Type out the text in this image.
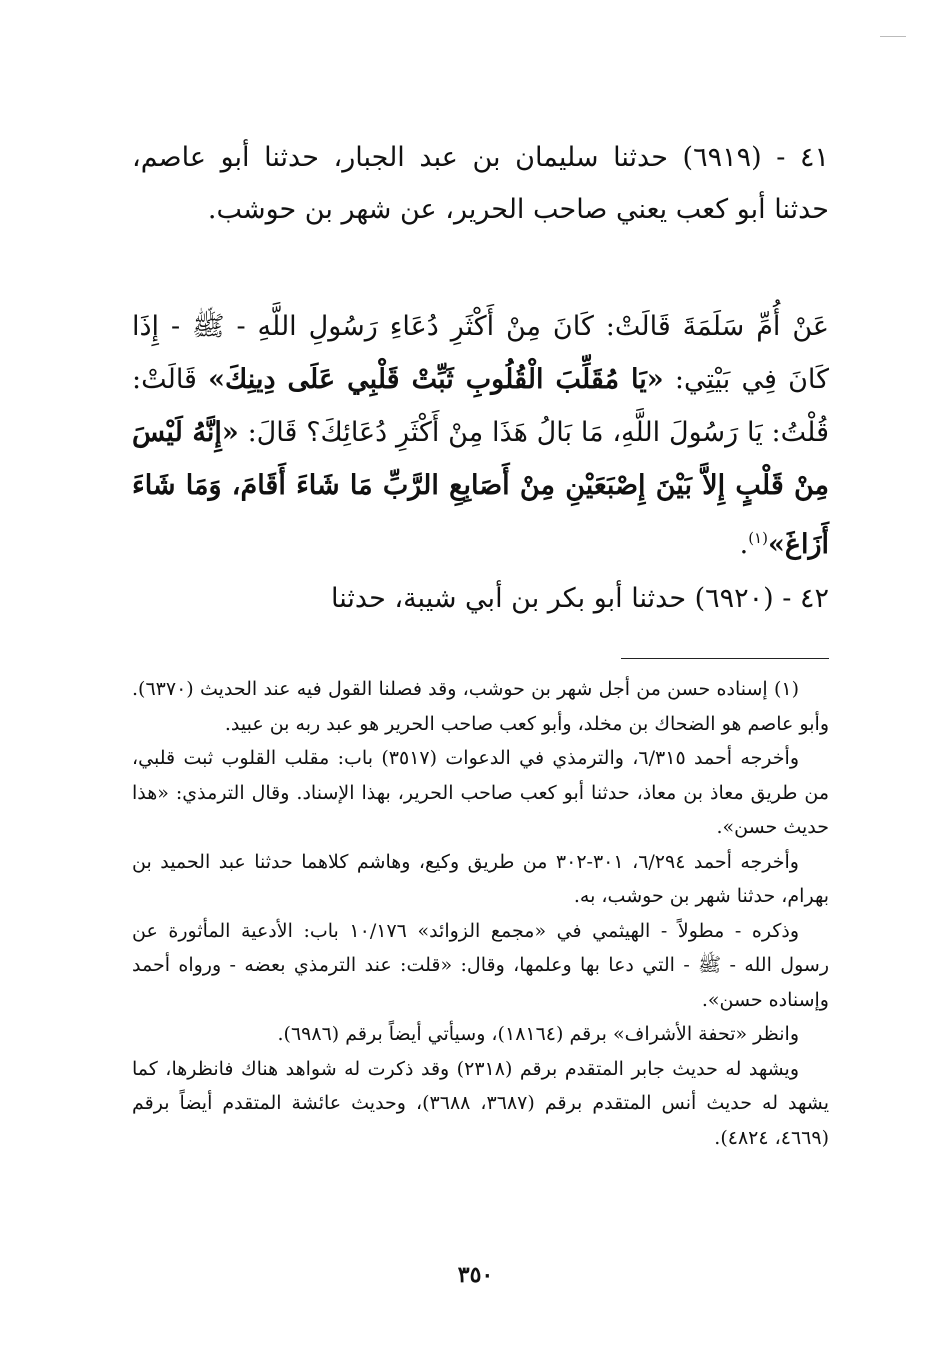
٤١ - (٦٩١٩) حدثنا سليمان بن عبد الجبار، حدثنا أبو عاصم، حدثنا أبو كعب يعني صاحب الحرير، عن شهر بن حوشب.

عَنْ أُمِّ سَلَمَةَ قَالَتْ: كَانَ مِنْ أَكْثَرِ دُعَاءِ رَسُولِ اللَّهِ - ﷺ - إِذَا كَانَ فِي بَيْتِي: «يَا مُقَلِّبَ الْقُلُوبِ ثَبِّتْ قَلْبِي عَلَى دِينِكَ» قَالَتْ: قُلْتُ: يَا رَسُولَ اللَّهِ، مَا بَالُ هَذَا مِنْ أَكْثَرِ دُعَائِكَ؟ قَالَ: «إِنَّهُ لَيْسَ مِنْ قَلْبٍ إِلاَّ بَيْنَ إِصْبَعَيْنِ مِنْ أَصَابِعِ الرَّبِّ مَا شَاءَ أَقَامَ، وَمَا شَاءَ أَزَاغَ»$^{(١)}$.

٤٢ - (٦٩٢٠) حدثنا أبو بكر بن أبي شيبة، حدثنا

(١) إسناده حسن من أجل شهر بن حوشب، وقد فصلنا القول فيه عند الحديث (٦٣٧٠). وأبو عاصم هو الضحاك بن مخلد، وأبو كعب صاحب الحرير هو عبد ربه بن عبيد.

وأخرجه أحمد ٦/٣١٥، والترمذي في الدعوات (٣٥١٧) باب: مقلب القلوب ثبت قلبي، من طريق معاذ بن معاذ، حدثنا أبو كعب صاحب الحرير، بهذا الإسناد. وقال الترمذي: «هذا حديث حسن».

وأخرجه أحمد ٦/٢٩٤، ٣٠١-٣٠٢ من طريق وكيع، وهاشم كلاهما حدثنا عبد الحميد بن بهرام، حدثنا شهر بن حوشب، به.

وذكره - مطولاً - الهيثمي في «مجمع الزوائد» ١٠/١٧٦ باب: الأدعية المأثورة عن رسول الله - ﷺ - التي دعا بها وعلمها، وقال: «قلت: عند الترمذي بعضه - ورواه أحمد وإسناده حسن».

وانظر «تحفة الأشراف» برقم (١٨١٦٤)، وسيأتي أيضاً برقم (٦٩٨٦).

ويشهد له حديث جابر المتقدم برقم (٢٣١٨) وقد ذكرت له شواهد هناك فانظرها، كما يشهد له حديث أنس المتقدم برقم (٣٦٨٧، ٣٦٨٨)، وحديث عائشة المتقدم أيضاً برقم (٤٦٦٩، ٤٨٢٤).

٣٥٠
